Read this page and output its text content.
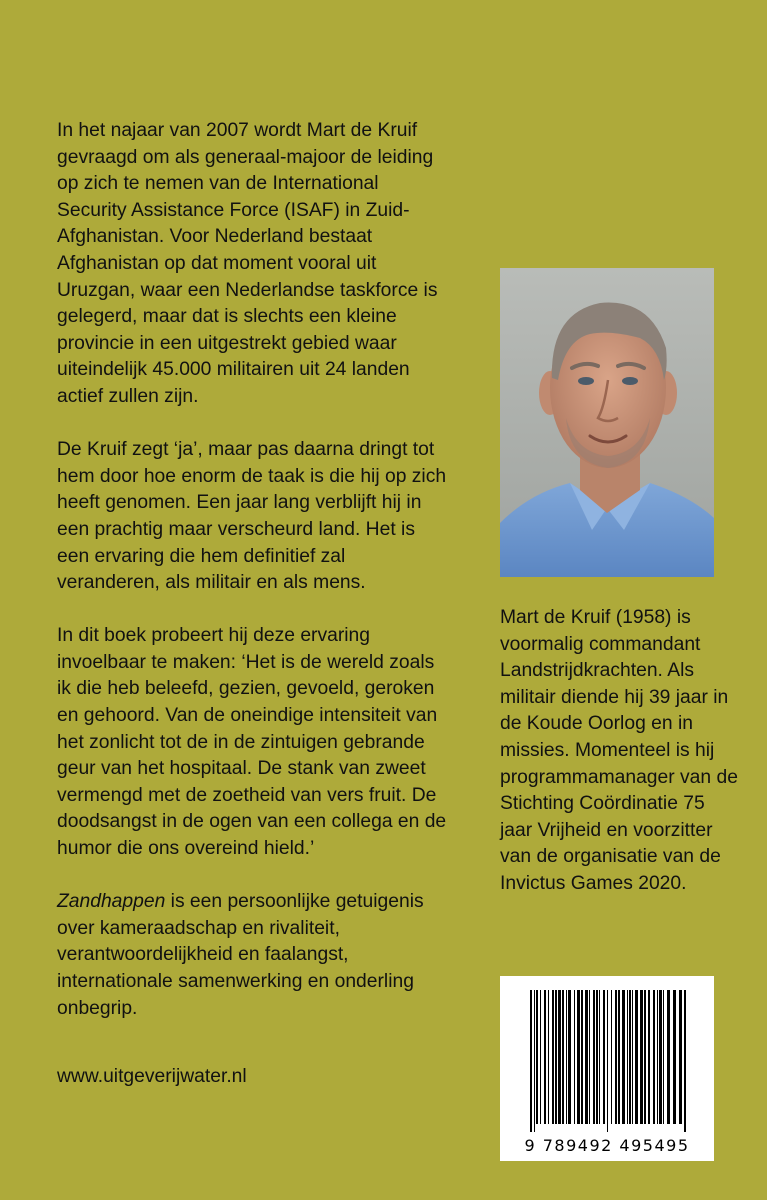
In het najaar van 2007 wordt Mart de Kruif gevraagd om als generaal-majoor de leiding op zich te nemen van de International Security Assistance Force (ISAF) in Zuid-Afghanistan. Voor Nederland bestaat Afghanistan op dat moment vooral uit Uruzgan, waar een Nederlandse taskforce is gelegerd, maar dat is slechts een kleine provincie in een uitgestrekt gebied waar uiteindelijk 45.000 militairen uit 24 landen actief zullen zijn.

De Kruif zegt ‘ja’, maar pas daarna dringt tot hem door hoe enorm de taak is die hij op zich heeft genomen. Een jaar lang verblijft hij in een prachtig maar verscheurd land. Het is een ervaring die hem definitief zal veranderen, als militair en als mens.

In dit boek probeert hij deze ervaring invoelbaar te maken: ‘Het is de wereld zoals ik die heb beleefd, gezien, gevoeld, geroken en gehoord. Van de oneindige intensiteit van het zonlicht tot de in de zintuigen gebrande geur van het hospitaal. De stank van zweet vermengd met de zoetheid van vers fruit. De doodsangst in de ogen van een collega en de humor die ons overeind hield.’

Zandhappen is een persoonlijke getuigenis over kameraadschap en rivaliteit, verantwoordelijkheid en faalangst, internationale samenwerking en onderling onbegrip.

www.uitgeverijwater.nl
Mart de Kruif (1958) is voormalig commandant Landstrijdkrachten. Als militair diende hij 39 jaar in de Koude Oorlog en in missies. Momenteel is hij programmamanager van de Stichting Coördinatie 75 jaar Vrijheid en voorzitter van de organisatie van de Invictus Games 2020.
9 789492 495495
